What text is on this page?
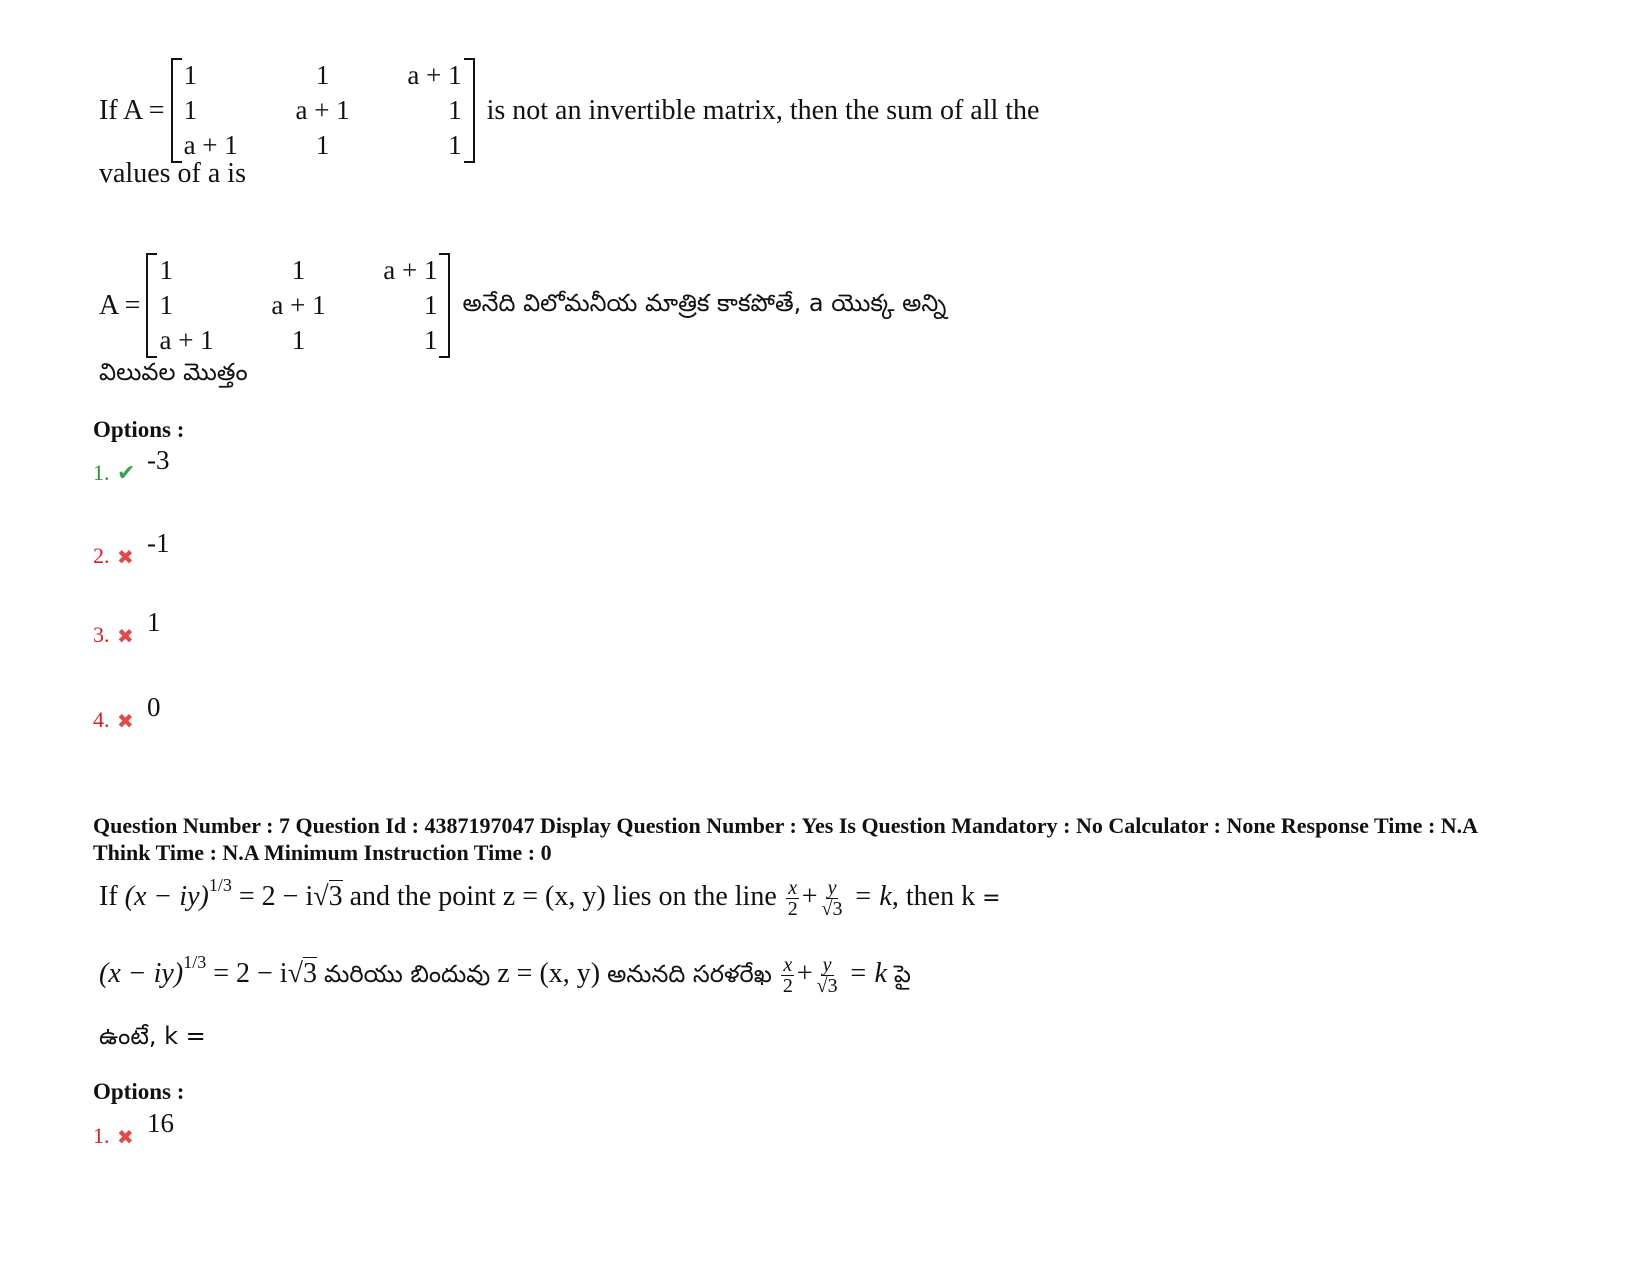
If A =
1	1	a + 1
1	a + 1	1
a + 1	1	1
is not an invertible matrix, then the sum of all the
values of a is
A =
1	1	a + 1
1	a + 1	1
a + 1	1	1
అనేది విలోమనీయ మాత్రిక కాకపోతే, a యొక్క అన్ని
విలువల మొత్తం
Options :
1. ✔ -3
2. ✖ -1
3. ✖ 1
4. ✖ 0
Question Number : 7 Question Id : 4387197047 Display Question Number : Yes Is Question Mandatory : No Calculator : None Response Time : N.A Think Time : N.A Minimum Instruction Time : 0
If (x − iy)$^{1/3}$ = 2 − i√3 and the point z = (x, y) lies on the line $\frac{x}{2} + \frac{y}{√3} = k$, then k =
(x − iy)$^{1/3}$ = 2 − i√3 మరియు బిందువు z = (x, y) అనునది సరళరేఖ $\frac{x}{2} + \frac{y}{√3} = k$ పై
ఉంటే, k =
Options :
1. ✖ 16
